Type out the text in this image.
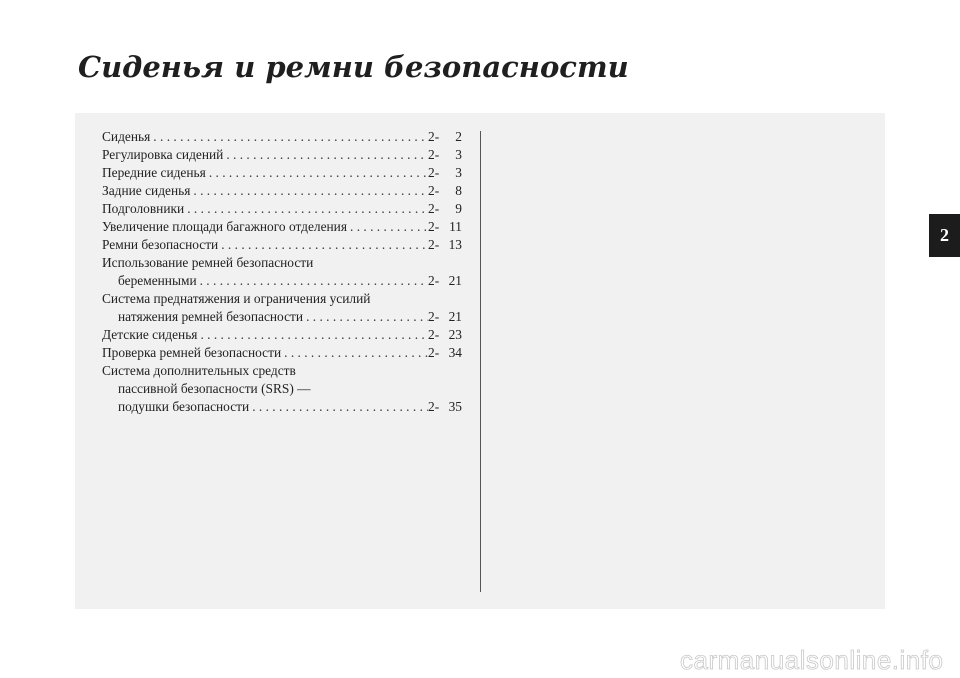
Сиденья и ремни безопасности
Сиденья . . .	2-	2
Регулировка сидений . . .	2-	3
Передние сиденья . . .	2-	3
Задние сиденья . . .	2-	8
Подголовники . . .	2-	9
Увеличение площади багажного отделения . . .	2- 11
Ремни безопасности . . .	2- 13
Использование ремней безопасности
беременными . . .	2- 21
Система преднатяжения и ограничения усилий
натяжения ремней безопасности . . .	2- 21
Детские сиденья . . .	2- 23
Проверка ремней безопасности . . .	2- 34
Система дополнительных средств
пассивной безопасности (SRS) —
подушки безопасности . . .	2- 35
2
carmanualsonline.info
